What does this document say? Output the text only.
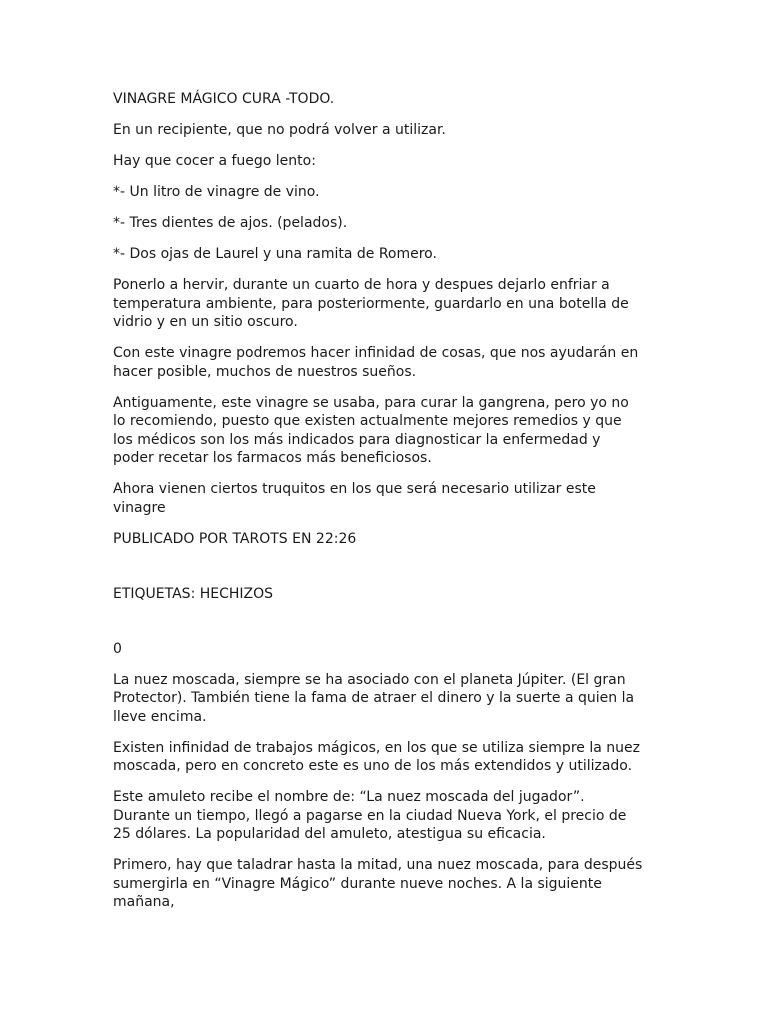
VINAGRE MÁGICO CURA -TODO.

En un recipiente, que no podrá volver a utilizar.

Hay que cocer a fuego lento:

*- Un litro de vinagre de vino.

*- Tres dientes de ajos. (pelados).

*- Dos ojas de Laurel y una ramita de Romero.

Ponerlo a hervir, durante un cuarto de hora y despues dejarlo enfriar a temperatura ambiente, para posteriormente, guardarlo en una botella de vidrio y en un sitio oscuro.

Con este vinagre podremos hacer infinidad de cosas, que nos ayudarán en hacer posible, muchos de nuestros sueños.

Antiguamente, este vinagre se usaba, para curar la gangrena, pero yo no lo recomiendo, puesto que existen actualmente mejores remedios y que los médicos son los más indicados para diagnosticar la enfermedad y poder recetar los farmacos más beneficiosos.

Ahora vienen ciertos truquitos en los que será necesario utilizar este vinagre

PUBLICADO POR TAROTS EN 22:26

ETIQUETAS: HECHIZOS

0

La nuez moscada, siempre se ha asociado con el planeta Júpiter. (El gran Protector). También tiene la fama de atraer el dinero y la suerte a quien la lleve encima.

Existen infinidad de trabajos mágicos, en los que se utiliza siempre la nuez moscada, pero en concreto este es uno de los más extendidos y utilizado.

Este amuleto recibe el nombre de: “La nuez moscada del jugador”. Durante un tiempo, llegó a pagarse en la ciudad Nueva York, el precio de 25 dólares. La popularidad del amuleto, atestigua su eficacia.

Primero, hay que taladrar hasta la mitad, una nuez moscada, para después sumergirla en “Vinagre Mágico” durante nueve noches. A la siguiente mañana,
